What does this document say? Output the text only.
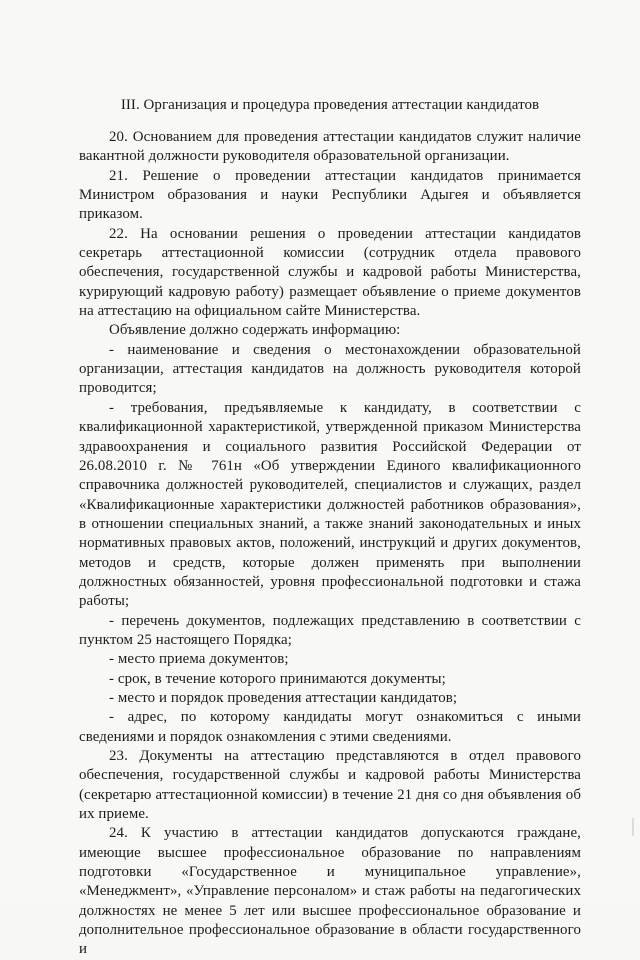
III. Организация и процедура проведения аттестации кандидатов

20. Основанием для проведения аттестации кандидатов служит наличие вакантной должности руководителя образовательной организации.

21. Решение о проведении аттестации кандидатов принимается Министром образования и науки Республики Адыгея и объявляется приказом.

22. На основании решения о проведении аттестации кандидатов секретарь аттестационной комиссии (сотрудник отдела правового обеспечения, государственной службы и кадровой работы Министерства, курирующий кадровую работу) размещает объявление о приеме документов на аттестацию на официальном сайте Министерства.

Объявление должно содержать информацию:

- наименование и сведения о местонахождении образовательной организации, аттестация кандидатов на должность руководителя которой проводится;

- требования, предъявляемые к кандидату, в соответствии с квалификационной характеристикой, утвержденной приказом Министерства здравоохранения и социального развития Российской Федерации от 26.08.2010 г. № 761н «Об утверждении Единого квалификационного справочника должностей руководителей, специалистов и служащих, раздел «Квалификационные характеристики должностей работников образования», в отношении специальных знаний, а также знаний законодательных и иных нормативных правовых актов, положений, инструкций и других документов, методов и средств, которые должен применять при выполнении должностных обязанностей, уровня профессиональной подготовки и стажа работы;

- перечень документов, подлежащих представлению в соответствии с пунктом 25 настоящего Порядка;

- место приема документов;

- срок, в течение которого принимаются документы;

- место и порядок проведения аттестации кандидатов;

- адрес, по которому кандидаты могут ознакомиться с иными сведениями и порядок ознакомления с этими сведениями.

23. Документы на аттестацию представляются в отдел правового обеспечения, государственной службы и кадровой работы Министерства (секретарю аттестационной комиссии) в течение 21 дня со дня объявления об их приеме.

24. К участию в аттестации кандидатов допускаются граждане, имеющие высшее профессиональное образование по направлениям подготовки «Государственное и муниципальное управление», «Менеджмент», «Управление персоналом» и стаж работы на педагогических должностях не менее 5 лет или высшее профессиональное образование и дополнительное профессиональное образование в области государственного и
